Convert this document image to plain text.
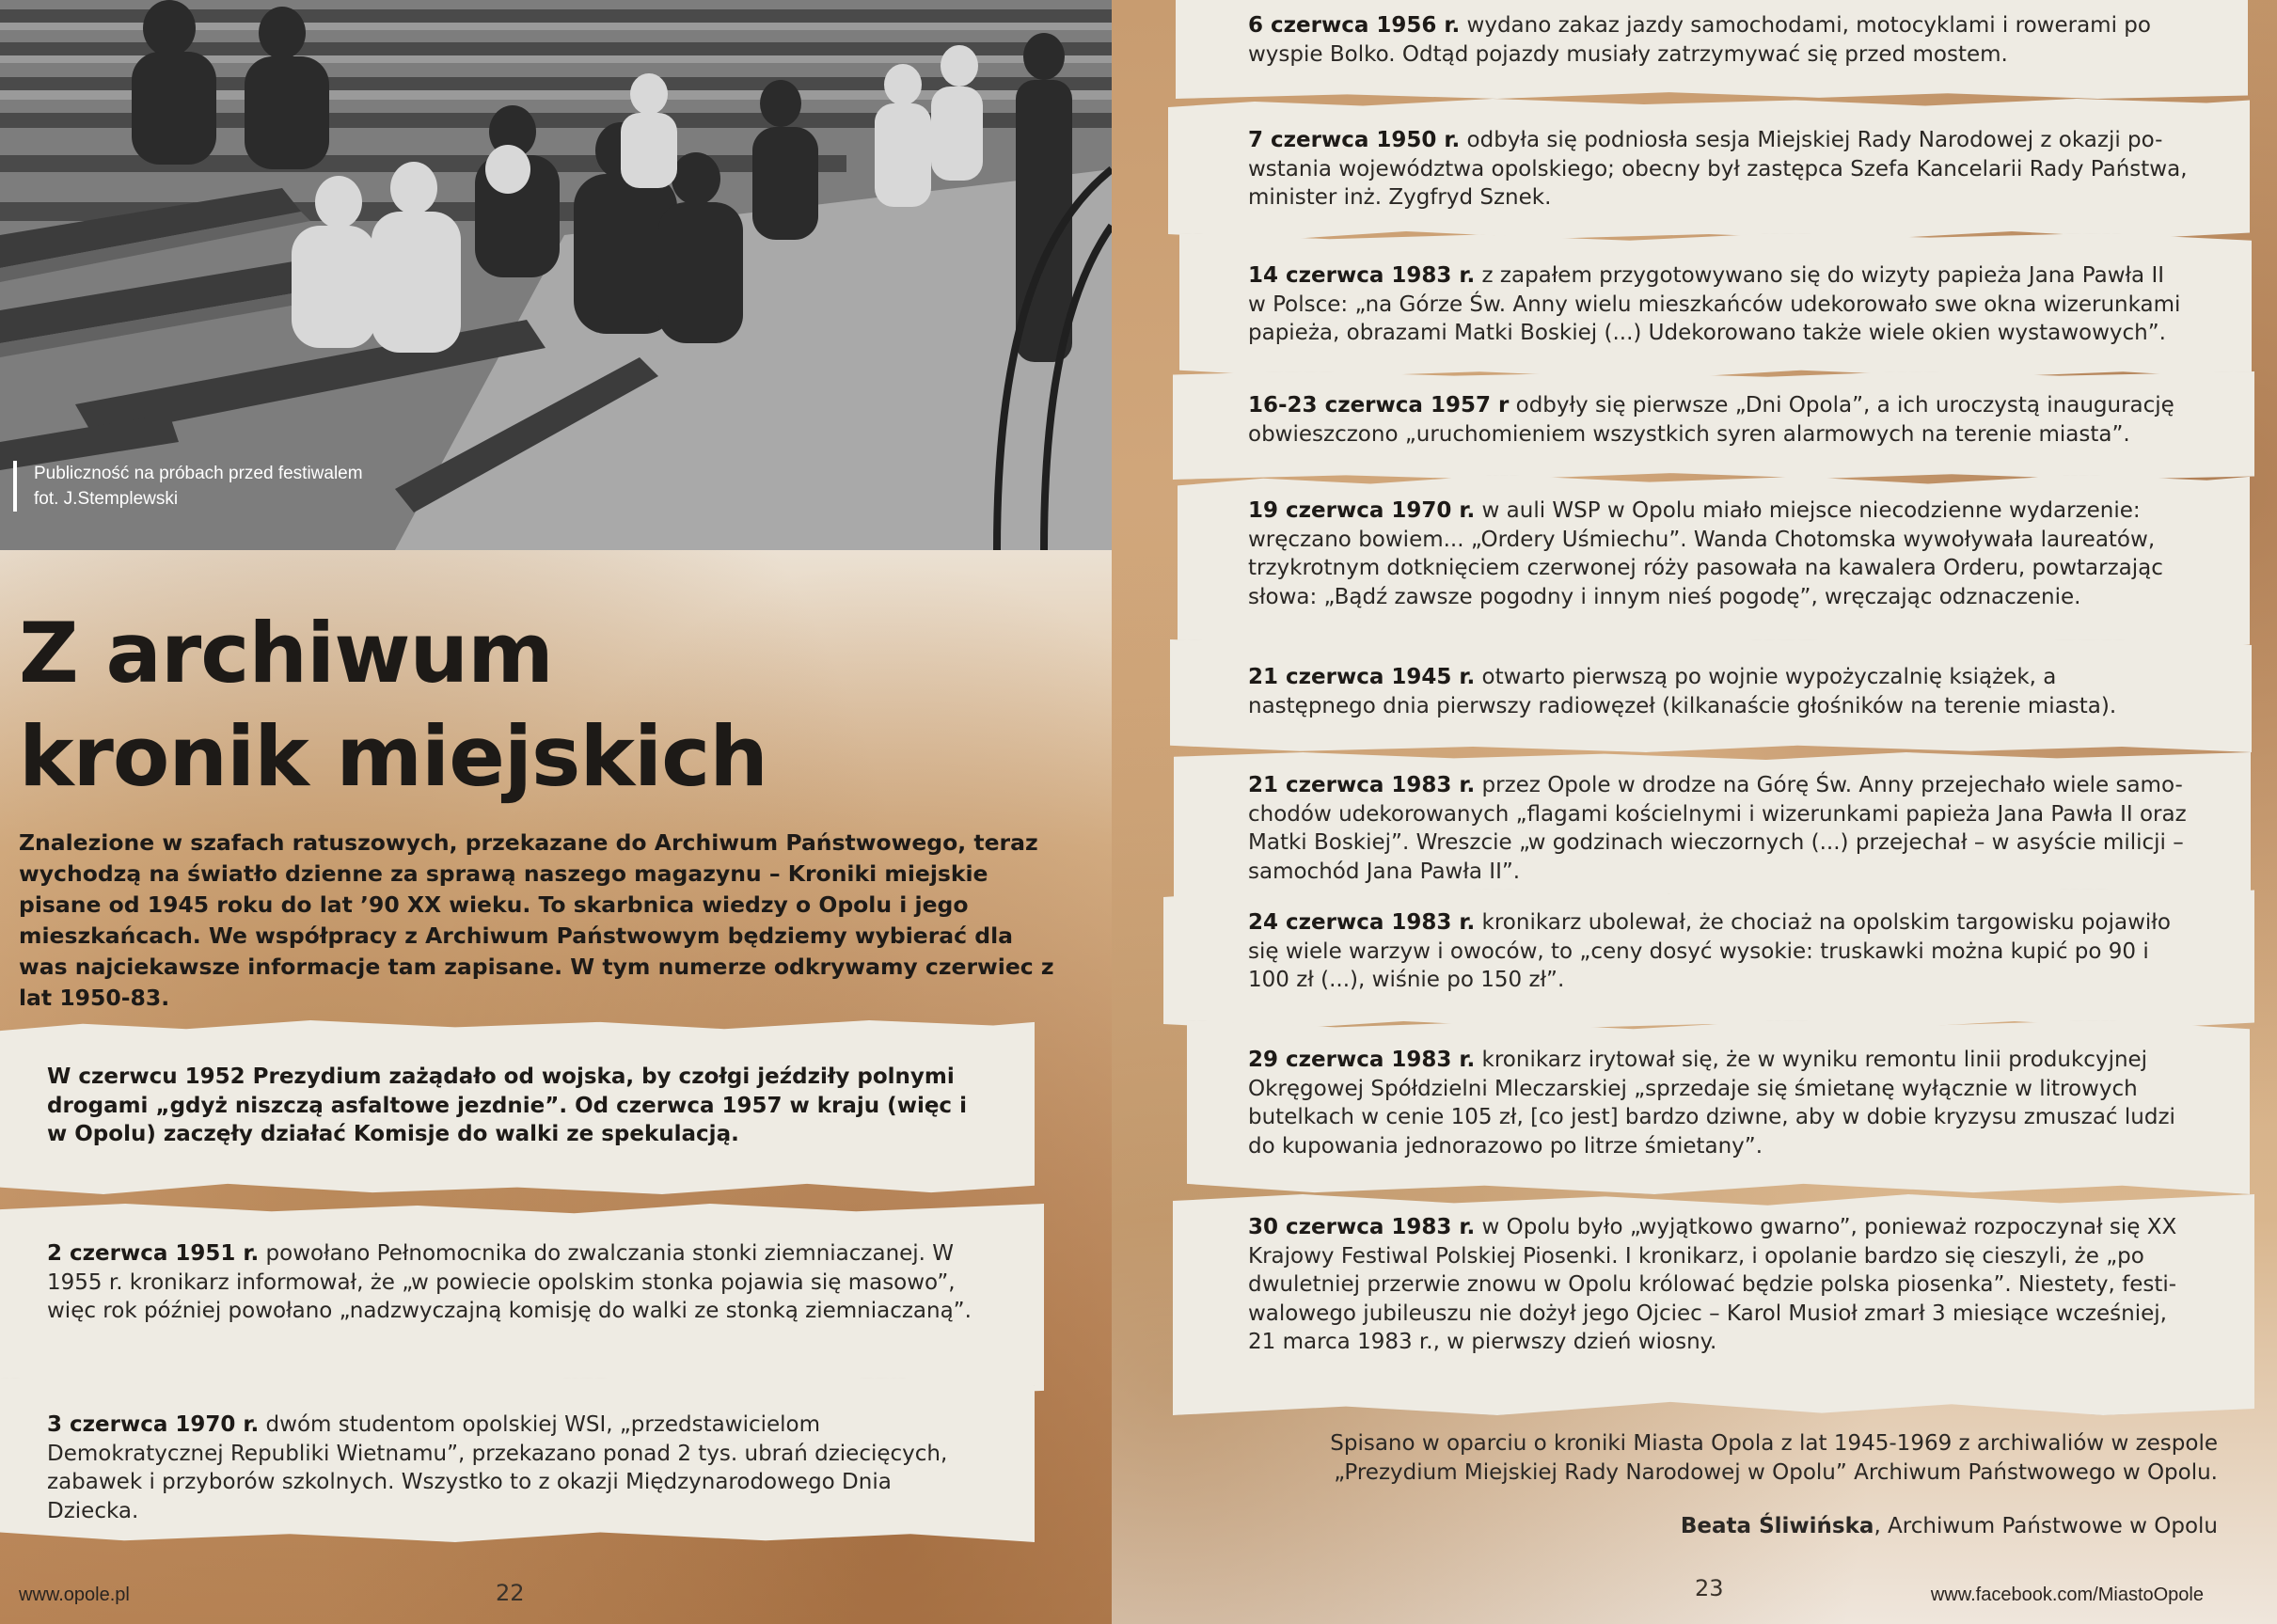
Publiczność na próbach przed festiwalem
fot. J.Stemplewski
Z archiwum
kronik miejskich

Znalezione w szafach ratuszowych, przekazane do Archiwum Państwowego, teraz wychodzą na światło dzienne za sprawą naszego magazynu – Kroniki miejskie pisane od 1945 roku do lat ’90 XX wieku. To skarbnica wiedzy o Opolu i jego mieszkańcach. We współpracy z Archiwum Państwowym będziemy wybierać dla was najciekawsze informacje tam zapisane. W tym numerze odkrywamy czerwiec z lat 1950-83.

W czerwcu 1952 Prezydium zażądało od wojska, by czołgi jeździły polnymi drogami „gdyż niszczą asfaltowe jezdnie”. Od czerwca 1957 w kraju (więc i w Opolu) zaczęły działać Komisje do walki ze spekulacją.
2 czerwca 1951 r. powołano Pełnomocnika do zwalczania stonki ziemniaczanej. W 1955 r. kronikarz informował, że „w powiecie opolskim stonka pojawia się masowo”, więc rok później powołano „nadzwyczajną komisję do walki ze stonką ziemniaczaną”.
3 czerwca 1970 r. dwóm studentom opolskiej WSI, „przedstawicielom Demokratycznej Republiki Wietnamu”, przekazano ponad 2 tys. ubrań dziecięcych, zabawek i przyborów szkolnych. Wszystko to z okazji Międzynarodowego Dnia Dziecka.
www.opole.pl	22
6 czerwca 1956 r. wydano zakaz jazdy samochodami, motocyklami i rowerami po wyspie Bolko. Odtąd pojazdy musiały zatrzymywać się przed mostem.
7 czerwca 1950 r. odbyła się podniosła sesja Miejskiej Rady Narodowej z okazji po-wstania województwa opolskiego; obecny był zastępca Szefa Kancelarii Rady Państwa, minister inż. Zygfryd Sznek.
14 czerwca 1983 r. z zapałem przygotowywano się do wizyty papieża Jana Pawła II w Polsce: „na Górze Św. Anny wielu mieszkańców udekorowało swe okna wizerunkami papieża, obrazami Matki Boskiej (...) Udekorowano także wiele okien wystawowych”.
16-23 czerwca 1957 r odbyły się pierwsze „Dni Opola”, a ich uroczystą inaugurację obwieszczono „uruchomieniem wszystkich syren alarmowych na terenie miasta”.
19 czerwca 1970 r. w auli WSP w Opolu miało miejsce niecodzienne wydarzenie: wręczano bowiem... „Ordery Uśmiechu”. Wanda Chotomska wywoływała laureatów, trzykrotnym dotknięciem czerwonej róży pasowała na kawalera Orderu, powtarzając słowa: „Bądź zawsze pogodny i innym nieś pogodę”, wręczając odznaczenie.
21 czerwca 1945 r. otwarto pierwszą po wojnie wypożyczalnię książek, a następnego dnia pierwszy radiowęzeł (kilkanaście głośników na terenie miasta).
21 czerwca 1983 r. przez Opole w drodze na Górę Św. Anny przejechało wiele samo-chodów udekorowanych „flagami kościelnymi i wizerunkami papieża Jana Pawła II oraz Matki Boskiej”. Wreszcie „w godzinach wieczornych (...) przejechał – w asyście milicji – samochód Jana Pawła II”.
24 czerwca 1983 r. kronikarz ubolewał, że chociaż na opolskim targowisku pojawiło się wiele warzyw i owoców, to „ceny dosyć wysokie: truskawki można kupić po 90 i 100 zł (...), wiśnie po 150 zł”.
29 czerwca 1983 r. kronikarz irytował się, że w wyniku remontu linii produkcyjnej Okręgowej Spółdzielni Mleczarskiej „sprzedaje się śmietanę wyłącznie w litrowych butelkach w cenie 105 zł, [co jest] bardzo dziwne, aby w dobie kryzysu zmuszać ludzi do kupowania jednorazowo po litrze śmietany”.
30 czerwca 1983 r. w Opolu było „wyjątkowo gwarno”, ponieważ rozpoczynał się XX Krajowy Festiwal Polskiej Piosenki. I kronikarz, i opolanie bardzo się cieszyli, że „po dwuletniej przerwie znowu w Opolu królować będzie polska piosenka”. Niestety, festi-walowego jubileuszu nie dożył jego Ojciec – Karol Musioł zmarł 3 miesiące wcześniej, 21 marca 1983 r., w pierwszy dzień wiosny.

Spisano w oparciu o kroniki Miasta Opola z lat 1945-1969 z archiwaliów w zespole „Prezydium Miejskiej Rady Narodowej w Opolu” Archiwum Państwowego w Opolu.

Beata Śliwińska, Archiwum Państwowe w Opolu

23	www.facebook.com/MiastoOpole
